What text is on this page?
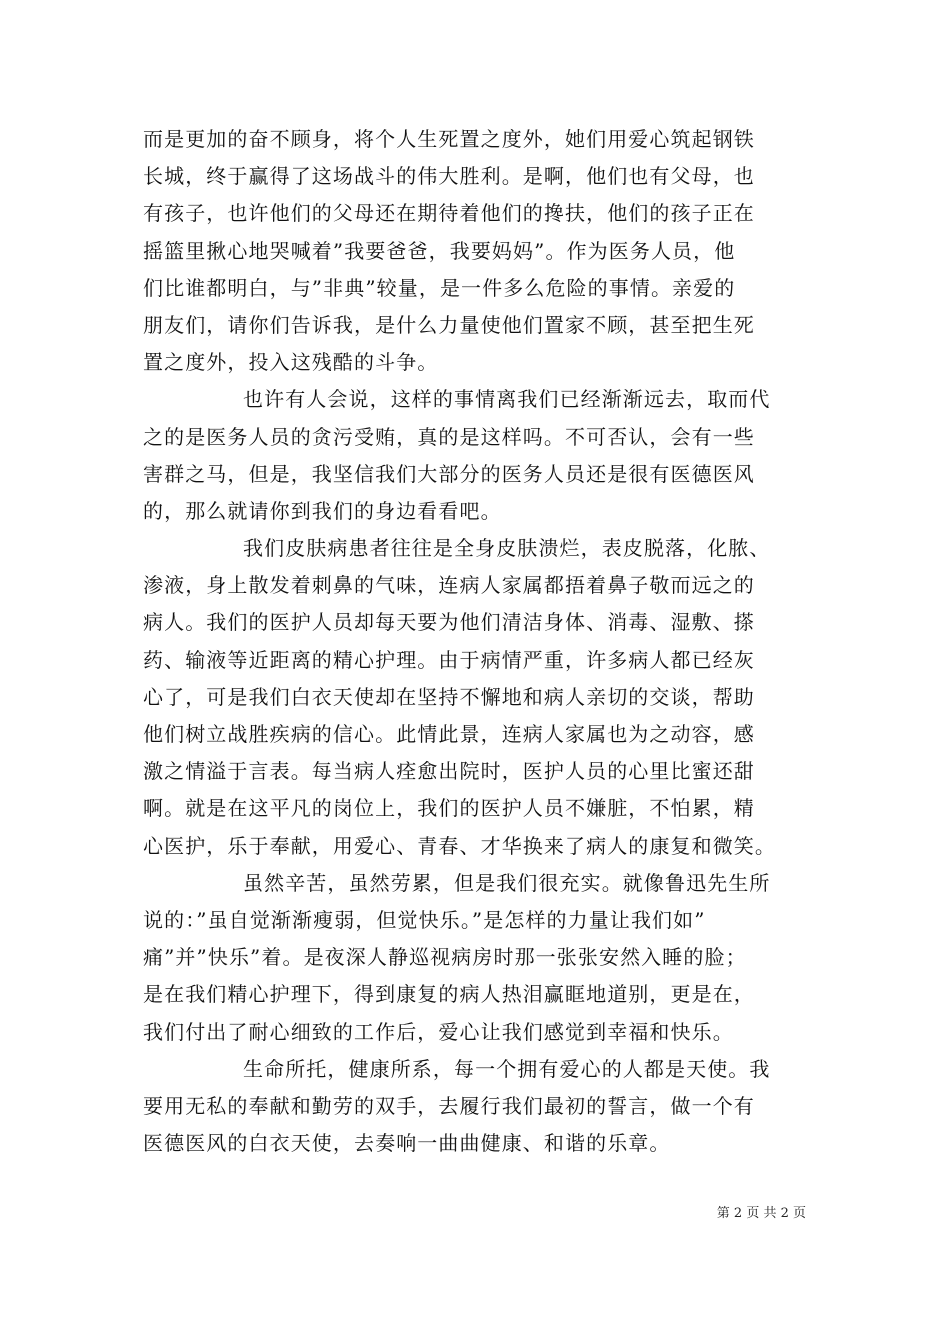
而是更加的奋不顾身，将个人生死置之度外，她们用爱心筑起钢铁
长城，终于赢得了这场战斗的伟大胜利。是啊，他们也有父母，也
有孩子，也许他们的父母还在期待着他们的搀扶，他们的孩子正在
摇篮里揪心地哭喊着”我要爸爸，我要妈妈”。作为医务人员，他
们比谁都明白，与”非典”较量，是一件多么危险的事情。亲爱的
朋友们，请你们告诉我，是什么力量使他们置家不顾，甚至把生死
置之度外，投入这残酷的斗争。
也许有人会说，这样的事情离我们已经渐渐远去，取而代
之的是医务人员的贪污受贿，真的是这样吗。不可否认，会有一些
害群之马，但是，我坚信我们大部分的医务人员还是很有医德医风
的，那么就请你到我们的身边看看吧。
我们皮肤病患者往往是全身皮肤溃烂，表皮脱落，化脓、
渗液，身上散发着刺鼻的气味，连病人家属都捂着鼻子敬而远之的
病人。我们的医护人员却每天要为他们清洁身体、消毒、湿敷、搽
药、输液等近距离的精心护理。由于病情严重，许多病人都已经灰
心了，可是我们白衣天使却在坚持不懈地和病人亲切的交谈，帮助
他们树立战胜疾病的信心。此情此景，连病人家属也为之动容，感
激之情溢于言表。每当病人痊愈出院时，医护人员的心里比蜜还甜
啊。就是在这平凡的岗位上，我们的医护人员不嫌脏，不怕累，精
心医护，乐于奉献，用爱心、青春、才华换来了病人的康复和微笑。
虽然辛苦，虽然劳累，但是我们很充实。就像鲁迅先生所
说的：”虽自觉渐渐瘦弱，但觉快乐。”是怎样的力量让我们如”
痛”并”快乐”着。是夜深人静巡视病房时那一张张安然入睡的脸；
是在我们精心护理下，得到康复的病人热泪赢眶地道别，更是在，
我们付出了耐心细致的工作后，爱心让我们感觉到幸福和快乐。
生命所托，健康所系，每一个拥有爱心的人都是天使。我
要用无私的奉献和勤劳的双手，去履行我们最初的誓言，做一个有
医德医风的白衣天使，去奏响一曲曲健康、和谐的乐章。
第 2 页 共 2 页
